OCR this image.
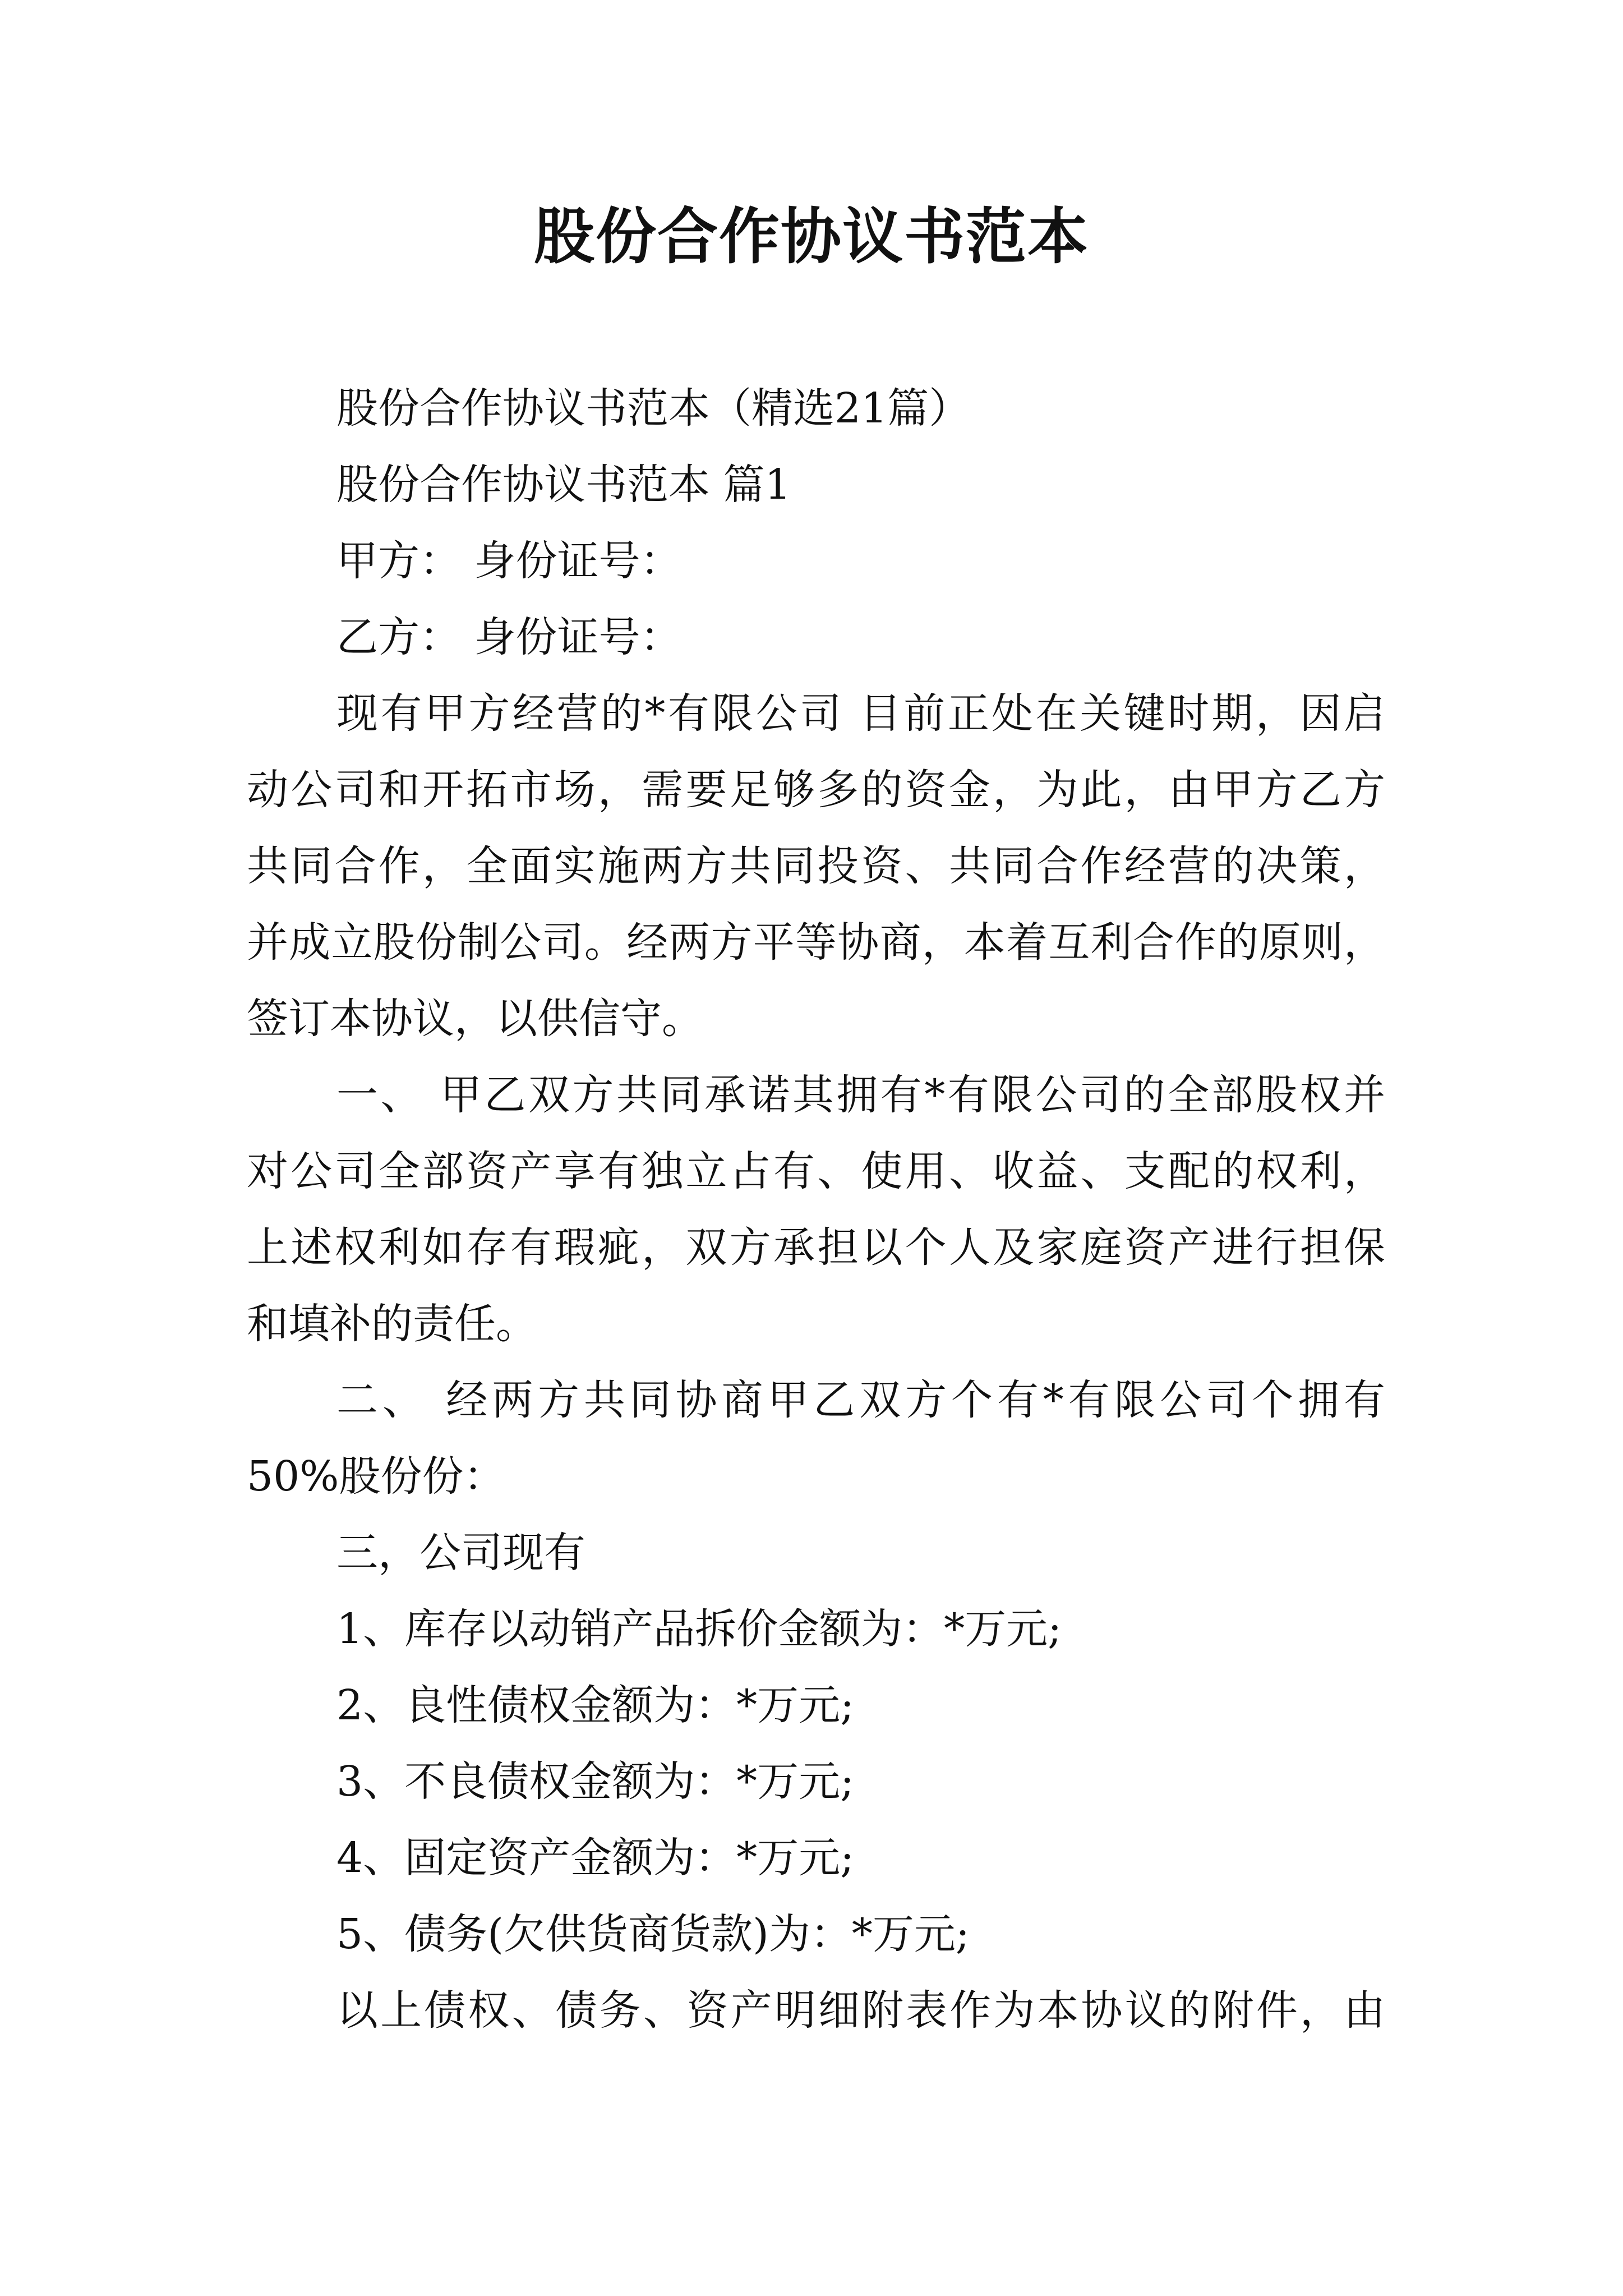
股份合作协议书范本
股份合作协议书范本（精选21篇）
股份合作协议书范本 篇1
甲方： 身份证号：
乙方： 身份证号：
现有甲方经营的*有限公司 目前正处在关键时期，因启
动公司和开拓市场，需要足够多的资金，为此，由甲方乙方
共同合作，全面实施两方共同投资、共同合作经营的决策，
并成立股份制公司。经两方平等协商，本着互利合作的原则，
签订本协议，以供信守。
一、 甲乙双方共同承诺其拥有*有限公司的全部股权并
对公司全部资产享有独立占有、使用、收益、支配的权利，
上述权利如存有瑕疵，双方承担以个人及家庭资产进行担保
和填补的责任。
二、 经两方共同协商甲乙双方个有*有限公司个拥有
50%股份份：
三，公司现有
1、库存以动销产品拆价金额为：*万元;
2、良性债权金额为：*万元;
3、不良债权金额为：*万元;
4、固定资产金额为：*万元;
5、债务(欠供货商货款)为：*万元;
以上债权、债务、资产明细附表作为本协议的附件，由
